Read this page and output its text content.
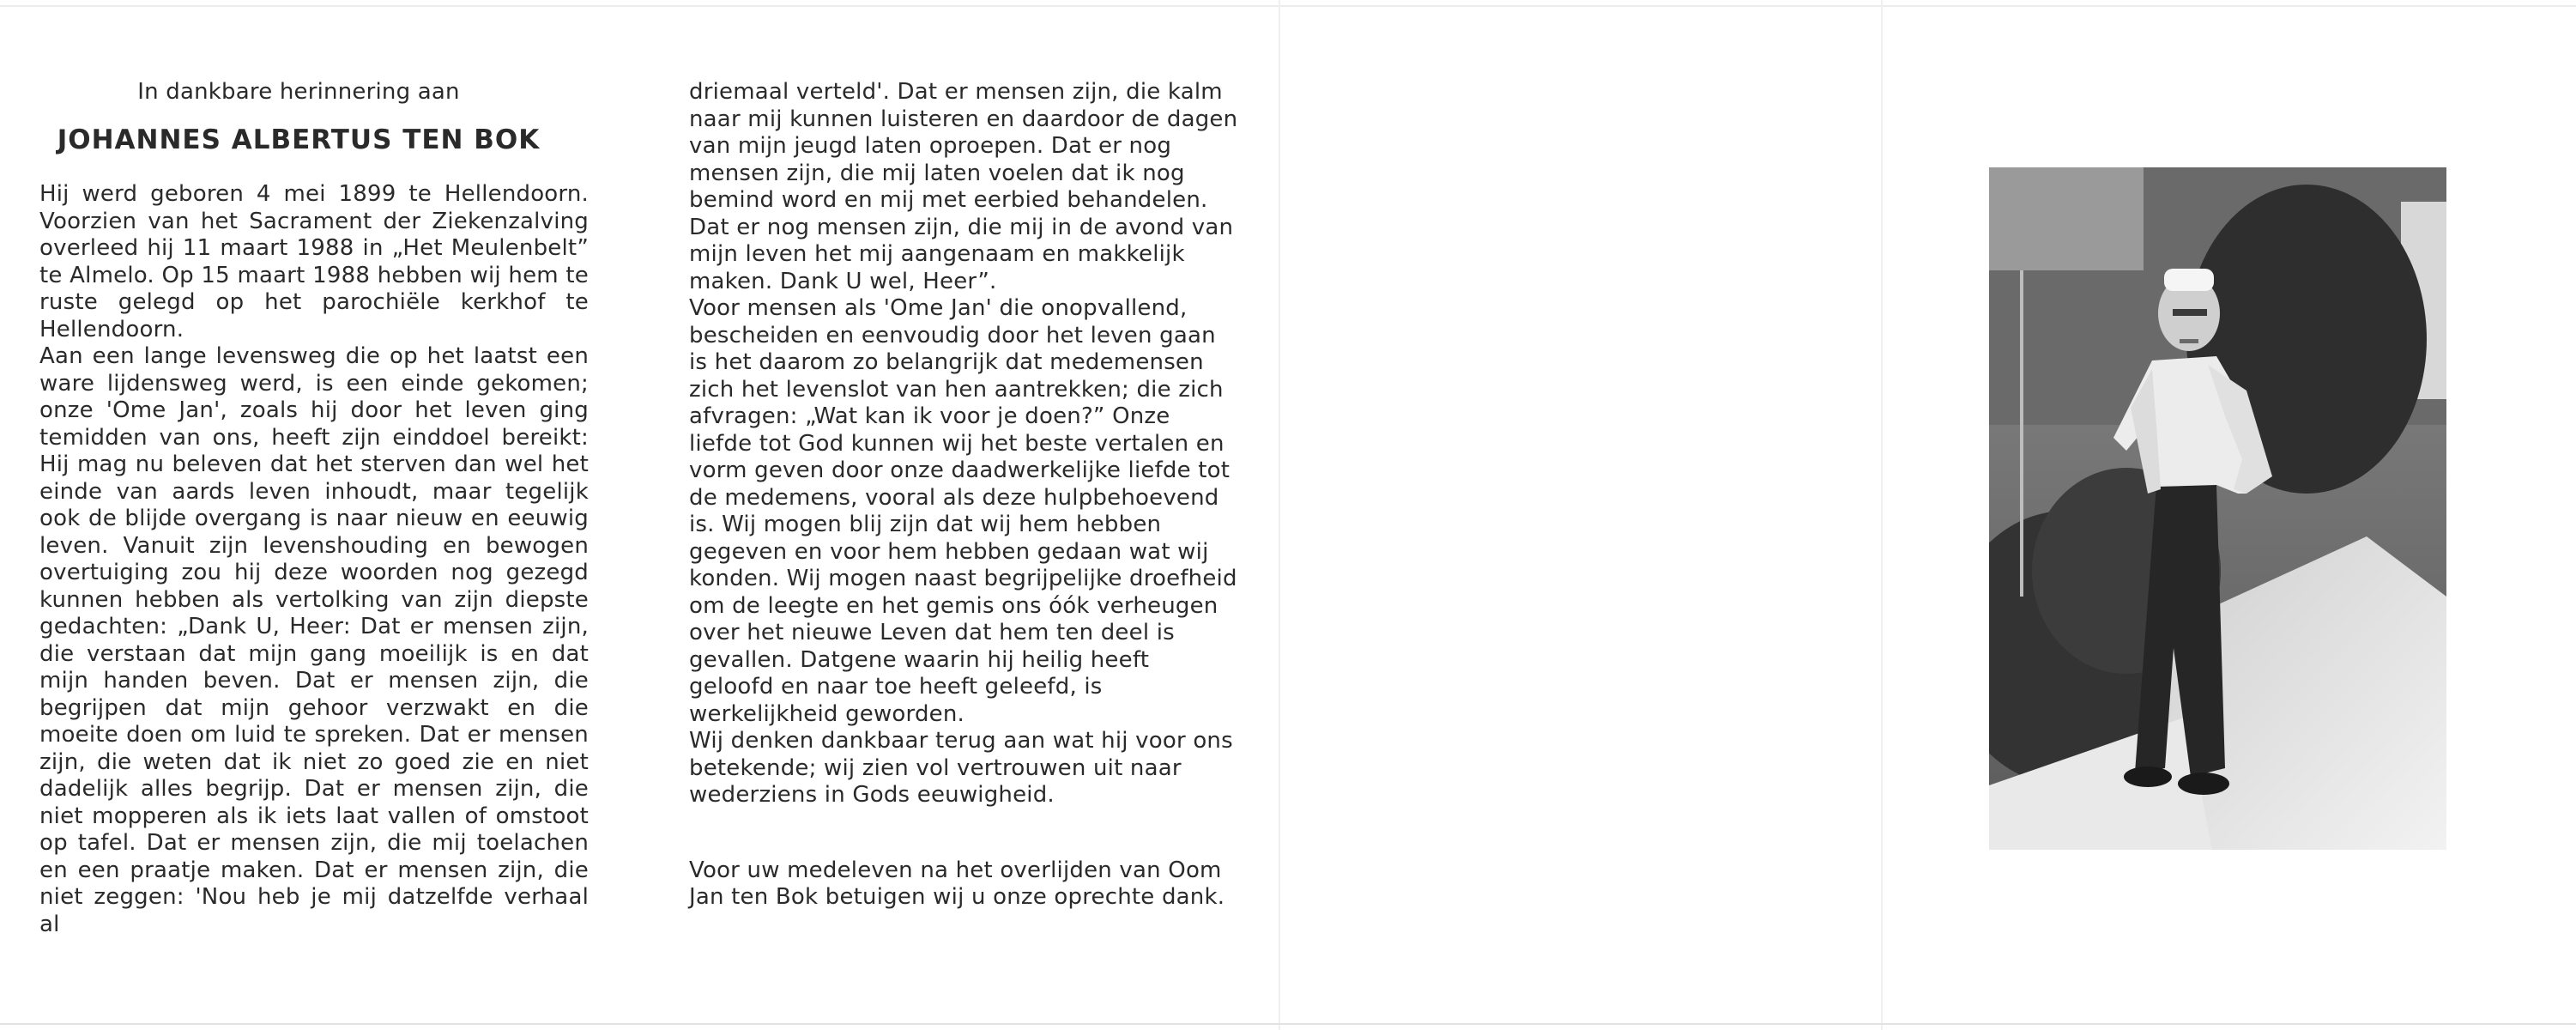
In dankbare herinnering aan
JOHANNES ALBERTUS TEN BOK

Hij werd geboren 4 mei 1899 te Hellendoorn. Voorzien van het Sacrament der Ziekenzalving overleed hij 11 maart 1988 in „Het Meulenbelt” te Almelo. Op 15 maart 1988 hebben wij hem te ruste gelegd op het parochiële kerkhof te Hellendoorn.

Aan een lange levensweg die op het laatst een ware lijdensweg werd, is een einde gekomen; onze 'Ome Jan', zoals hij door het leven ging temidden van ons, heeft zijn einddoel bereikt: Hij mag nu beleven dat het sterven dan wel het einde van aards leven inhoudt, maar tegelijk ook de blijde overgang is naar nieuw en eeuwig leven. Vanuit zijn levenshouding en bewogen overtuiging zou hij deze woorden nog gezegd kunnen hebben als vertolking van zijn diepste gedachten: „Dank U, Heer: Dat er mensen zijn, die verstaan dat mijn gang moeilijk is en dat mijn handen beven. Dat er mensen zijn, die begrijpen dat mijn gehoor verzwakt en die moeite doen om luid te spreken. Dat er mensen zijn, die weten dat ik niet zo goed zie en niet dadelijk alles begrijp. Dat er mensen zijn, die niet mopperen als ik iets laat vallen of omstoot op tafel. Dat er mensen zijn, die mij toelachen en een praatje maken. Dat er mensen zijn, die niet zeggen: 'Nou heb je mij datzelfde verhaal al

driemaal verteld'. Dat er mensen zijn, die kalm naar mij kunnen luisteren en daardoor de dagen van mijn jeugd laten oproepen. Dat er nog mensen zijn, die mij laten voelen dat ik nog bemind word en mij met eerbied behandelen. Dat er nog mensen zijn, die mij in de avond van mijn leven het mij aangenaam en makkelijk maken. Dank U wel, Heer”.

Voor mensen als 'Ome Jan' die onopvallend, bescheiden en eenvoudig door het leven gaan is het daarom zo belangrijk dat medemensen zich het levenslot van hen aantrekken; die zich afvragen: „Wat kan ik voor je doen?” Onze liefde tot God kunnen wij het beste vertalen en vorm geven door onze daadwerkelijke liefde tot de medemens, vooral als deze hulpbehoevend is. Wij mogen blij zijn dat wij hem hebben gegeven en voor hem hebben gedaan wat wij konden. Wij mogen naast begrijpelijke droefheid om de leegte en het gemis ons óók verheugen over het nieuwe Leven dat hem ten deel is gevallen. Datgene waarin hij heilig heeft geloofd en naar toe heeft geleefd, is werkelijkheid geworden.

Wij denken dankbaar terug aan wat hij voor ons betekende; wij zien vol vertrouwen uit naar wederziens in Gods eeuwigheid.

Voor uw medeleven na het overlijden van Oom Jan ten Bok betuigen wij u onze oprechte dank.
